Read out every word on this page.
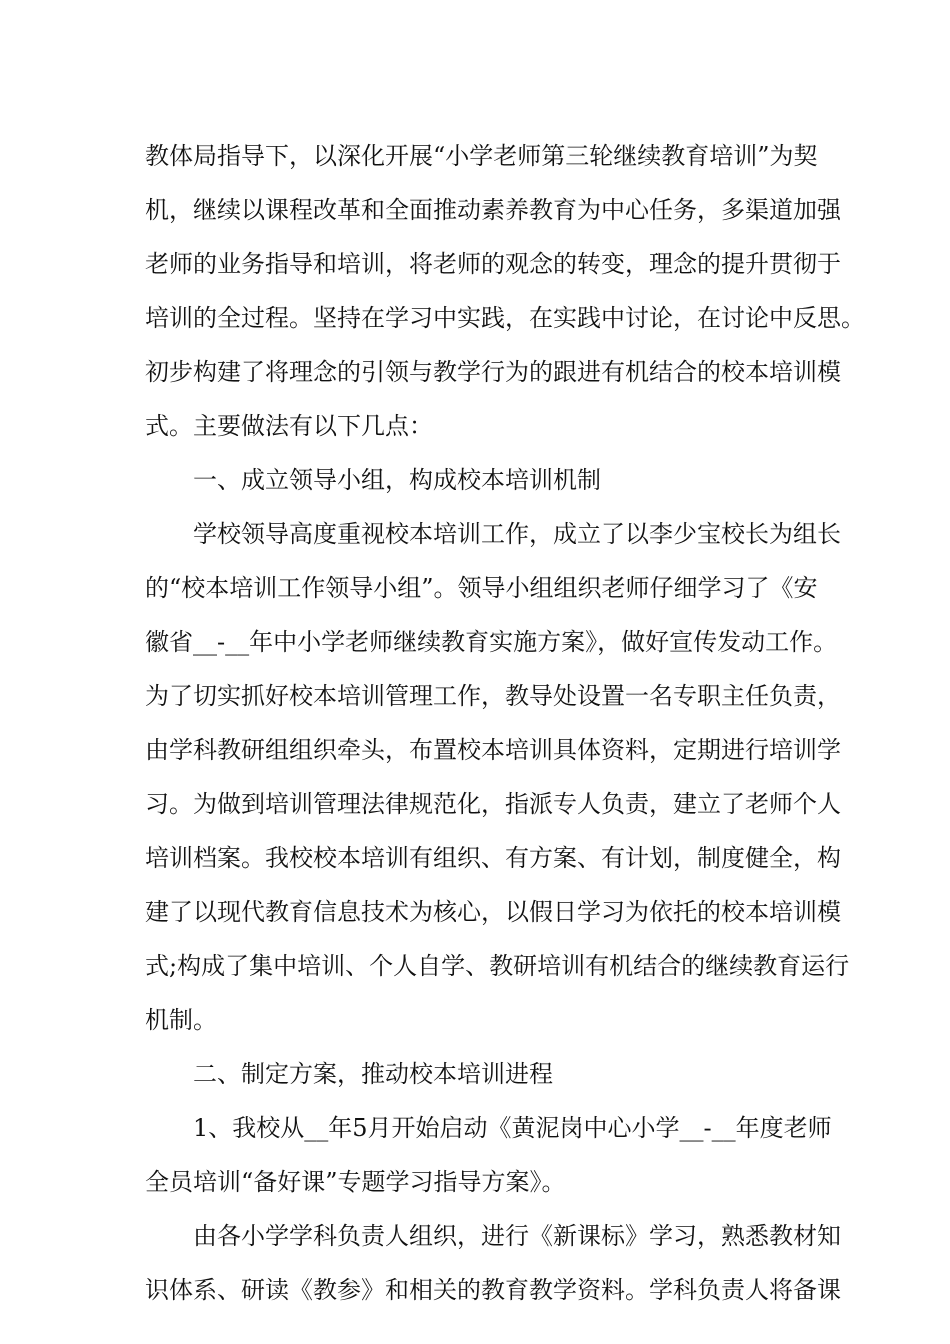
教体局指导下，以深化开展“小学老师第三轮继续教育培训”为契
机，继续以课程改革和全面推动素养教育为中心任务，多渠道加强
老师的业务指导和培训，将老师的观念的转变，理念的提升贯彻于
培训的全过程。坚持在学习中实践，在实践中讨论，在讨论中反思。
初步构建了将理念的引领与教学行为的跟进有机结合的校本培训模
式。主要做法有以下几点：
一、成立领导小组，构成校本培训机制
学校领导高度重视校本培训工作，成立了以李少宝校长为组长
的“校本培训工作领导小组”。领导小组组织老师仔细学习了《安
徽省__-__年中小学老师继续教育实施方案》，做好宣传发动工作。
为了切实抓好校本培训管理工作，教导处设置一名专职主任负责，
由学科教研组组织牵头，布置校本培训具体资料，定期进行培训学
习。为做到培训管理法律规范化，指派专人负责，建立了老师个人
培训档案。我校校本培训有组织、有方案、有计划，制度健全，构
建了以现代教育信息技术为核心，以假日学习为依托的校本培训模
式;构成了集中培训、个人自学、教研培训有机结合的继续教育运行
机制。
二、制定方案，推动校本培训进程
1、我校从__年5月开始启动《黄泥岗中心小学__-__年度老师
全员培训“备好课”专题学习指导方案》。
由各小学学科负责人组织，进行《新课标》学习，熟悉教材知
识体系、研读《教参》和相关的教育教学资料。学科负责人将备课
